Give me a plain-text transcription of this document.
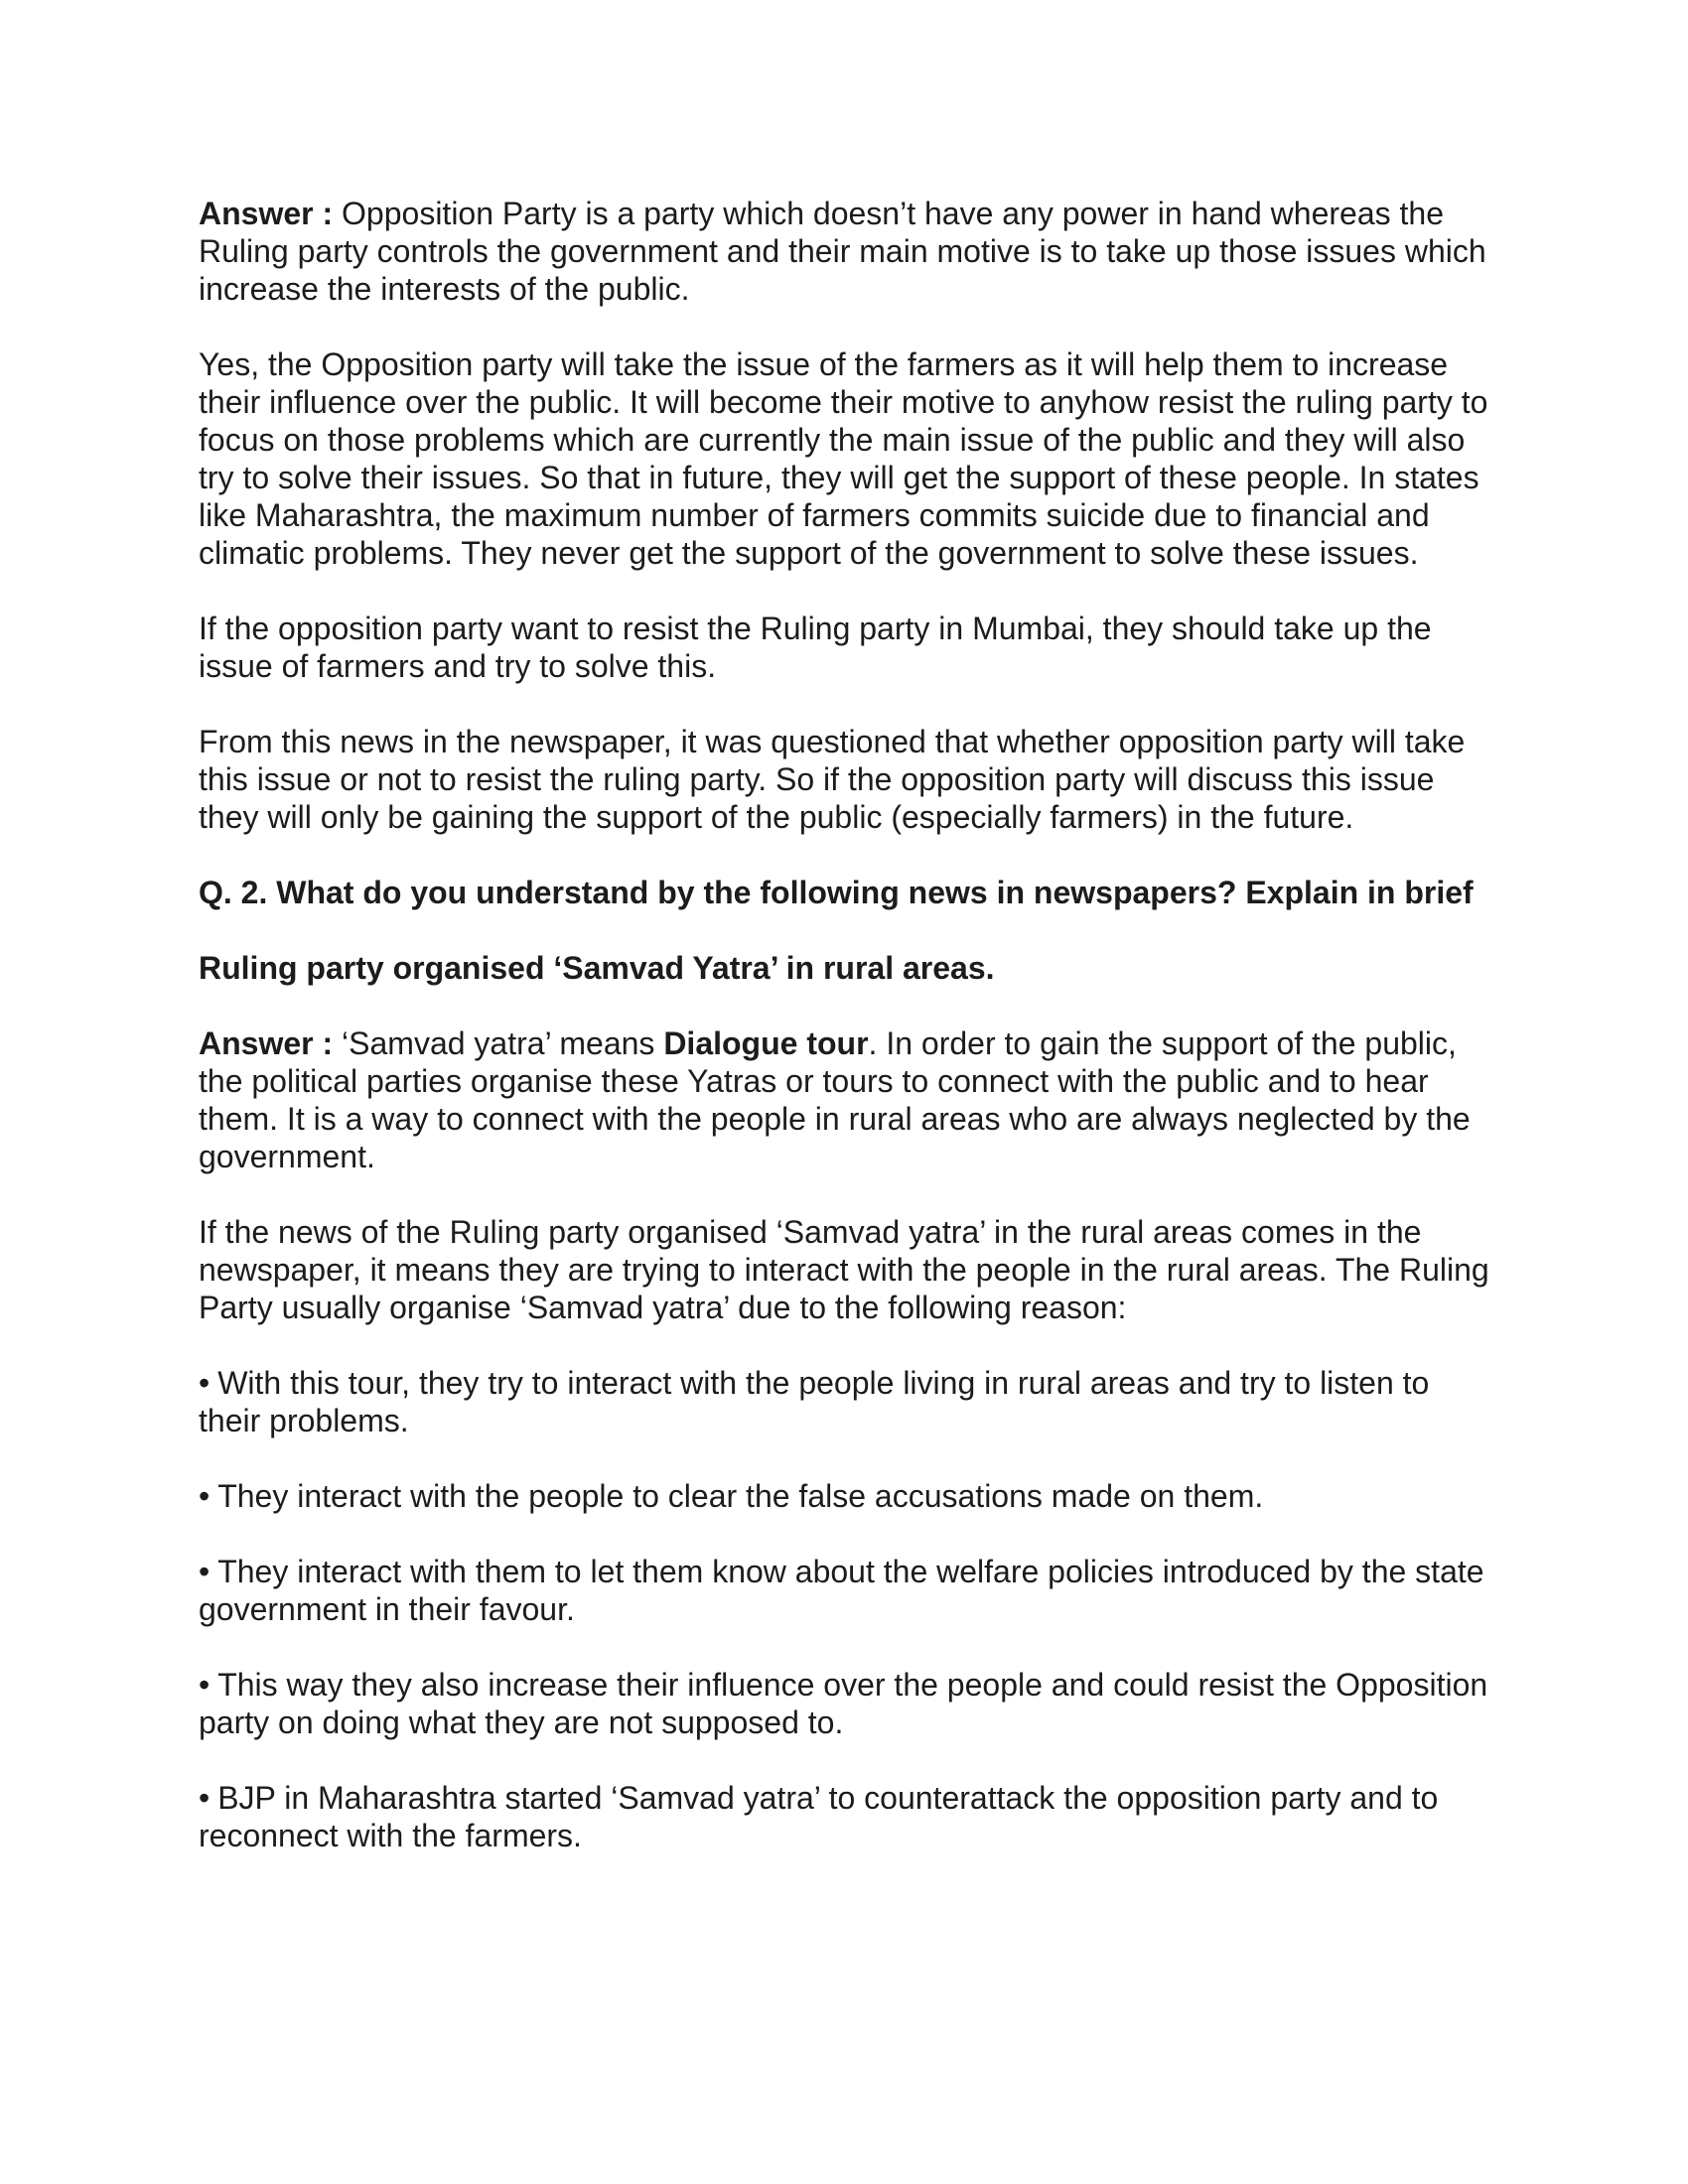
Answer : Opposition Party is a party which doesn’t have any power in hand whereas the Ruling party controls the government and their main motive is to take up those issues which increase the interests of the public.

Yes, the Opposition party will take the issue of the farmers as it will help them to increase their influence over the public. It will become their motive to anyhow resist the ruling party to focus on those problems which are currently the main issue of the public and they will also try to solve their issues. So that in future, they will get the support of these people. In states like Maharashtra, the maximum number of farmers commits suicide due to financial and climatic problems. They never get the support of the government to solve these issues.

If the opposition party want to resist the Ruling party in Mumbai, they should take up the issue of farmers and try to solve this.

From this news in the newspaper, it was questioned that whether opposition party will take this issue or not to resist the ruling party. So if the opposition party will discuss this issue they will only be gaining the support of the public (especially farmers) in the future.

Q. 2. What do you understand by the following news in newspapers? Explain in brief

Ruling party organised ‘Samvad Yatra’ in rural areas.

Answer : ‘Samvad yatra’ means Dialogue tour. In order to gain the support of the public, the political parties organise these Yatras or tours to connect with the public and to hear them. It is a way to connect with the people in rural areas who are always neglected by the government.

If the news of the Ruling party organised ‘Samvad yatra’ in the rural areas comes in the newspaper, it means they are trying to interact with the people in the rural areas. The Ruling Party usually organise ‘Samvad yatra’ due to the following reason:

• With this tour, they try to interact with the people living in rural areas and try to listen to their problems.

• They interact with the people to clear the false accusations made on them.

• They interact with them to let them know about the welfare policies introduced by the state government in their favour.

• This way they also increase their influence over the people and could resist the Opposition party on doing what they are not supposed to.

• BJP in Maharashtra started ‘Samvad yatra’ to counterattack the opposition party and to reconnect with the farmers.
